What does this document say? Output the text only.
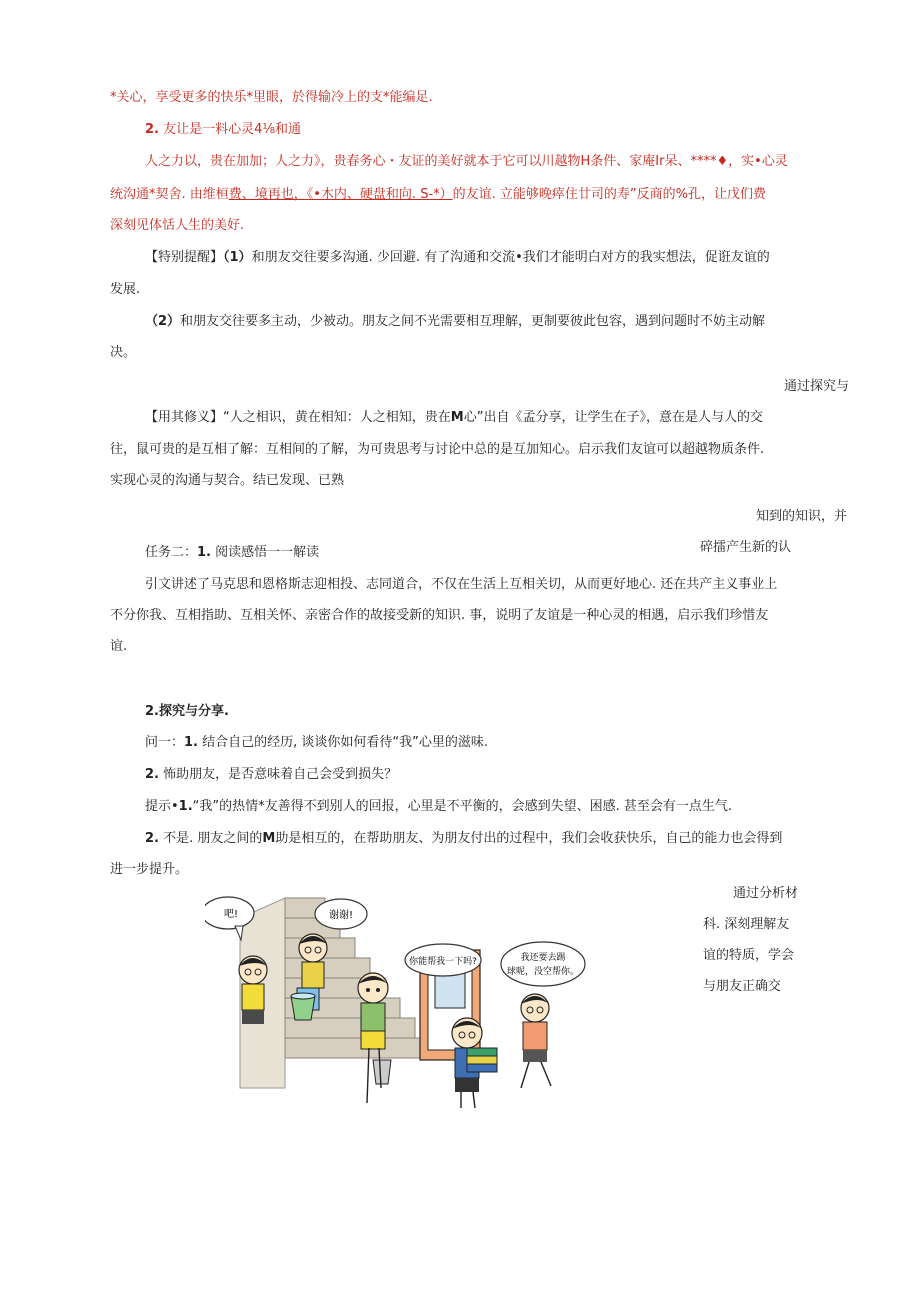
*关心，享受更多的快乐*里眼，於得输冷上的支*能编足.
2. 友让是一料心灵4⅛和通
人之力以，贵在加加；人之力》，贵春务心・友证的美好就本于它可以川越物H条件、家庵Ir呆、****♦，实•心灵
统沟通*契舍. 由维桓费、境再也，《•木内、硬盘和向. S-*）的友谊. 立能够晚瘁住廿司的寿”反商的%孔，让戊们费
深刻见体恬人生的美好.
【特别提醒】（1）和朋友交往要多沟通. 少回避. 有了沟通和交流•我们才能明白对方的我实想法，促诳友谊的
发展.
（2）和朋友交往要多主动，少被动。朋友之间不光需要相互理解，更制要彼此包容，遇到问题时不妨主动解
决。
通过探究与
【用其修义】“人之相识，黄在相知：人之相知，贵在M心”出自《孟分享，让学生在子》，意在是人与人的交
往，鼠可贵的是互相了解：互相间的了解，为可贵思考与讨论中总的是互加知心。启示我们友谊可以超越物质条件.
实现心灵的沟通与契合。结已发现、已熟
知到的知识，并
碎擂产生新的认
任务二：1. 阅读感悟一一解读
引文讲述了马克思和恩格斯志迎相投、志同道合，不仅在生活上互相关切，从而更好地心. 还在共产主义事业上
不分你我、互相指助、互相关怀、亲密合作的故接受新的知识. 事，说明了友谊是一种心灵的相遇，启示我们珍惜友
谊.
2.探究与分享.
问一：1. 结合自己的经历, 谈谈你如何看待“我”心里的滋味.
2. 怖助朋友，是否意味着自己会受到损失？
提示•1.“我”的热情*友善得不到别人的回报，心里是不平衡的，会感到失望、困感. 甚至会有一点生气.
2. 不是. 朋友之间的M助是相互的，在帮助朋友、为朋友付出的过程中，我们会收获快乐，自己的能力也会得到
进一步提升。
通过分析材
科. 深刻理解友
谊的特质，学会
与朋友正确交
吧!	谢谢!
你能帮我一下吗?	我还要去踢
球呢，没空帮你。
